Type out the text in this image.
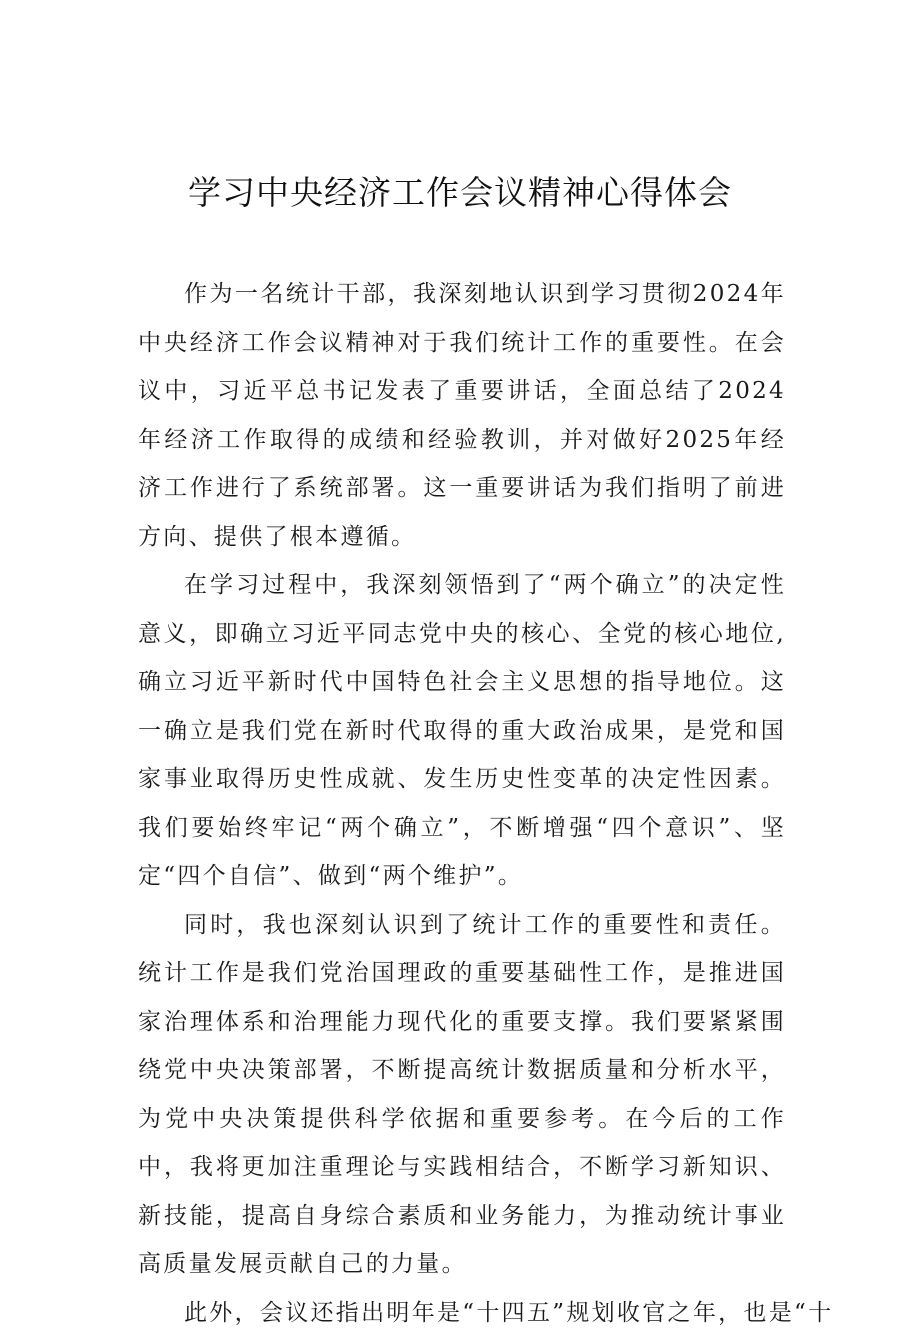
学习中央经济工作会议精神心得体会

作为一名统计干部，我深刻地认识到学习贯彻2024年中央经济工作会议精神对于我们统计工作的重要性。在会议中，习近平总书记发表了重要讲话，全面总结了2024年经济工作取得的成绩和经验教训，并对做好2025年经济工作进行了系统部署。这一重要讲话为我们指明了前进方向、提供了根本遵循。

在学习过程中，我深刻领悟到了“两个确立”的决定性意义，即确立习近平同志党中央的核心、全党的核心地位,确立习近平新时代中国特色社会主义思想的指导地位。这一确立是我们党在新时代取得的重大政治成果，是党和国家事业取得历史性成就、发生历史性变革的决定性因素。我们要始终牢记“两个确立”，不断增强“四个意识”、坚定“四个自信”、做到“两个维护”。

同时，我也深刻认识到了统计工作的重要性和责任。统计工作是我们党治国理政的重要基础性工作，是推进国家治理体系和治理能力现代化的重要支撑。我们要紧紧围绕党中央决策部署，不断提高统计数据质量和分析水平，为党中央决策提供科学依据和重要参考。在今后的工作中，我将更加注重理论与实践相结合，不断学习新知识、新技能，提高自身综合素质和业务能力，为推动统计事业高质量发展贡献自己的力量。

此外，会议还指出明年是“十四五”规划收官之年，也是“十
